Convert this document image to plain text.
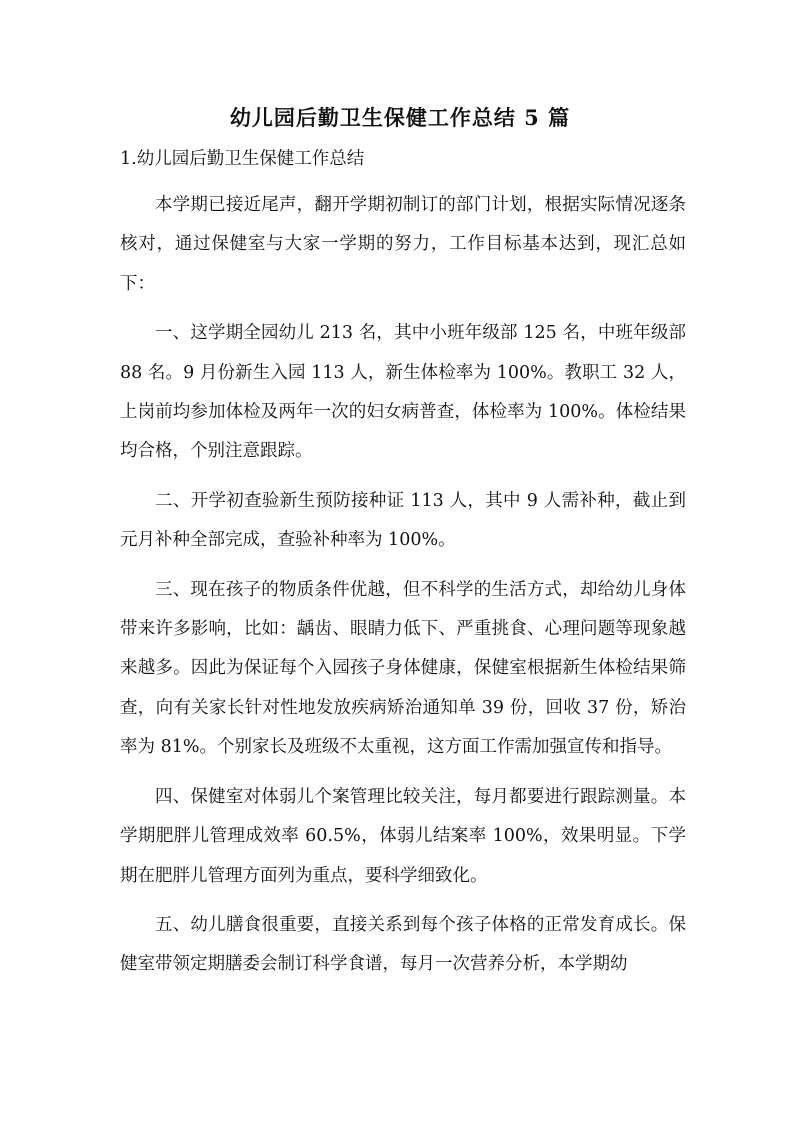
幼儿园后勤卫生保健工作总结 5 篇
1.幼儿园后勤卫生保健工作总结

本学期已接近尾声，翻开学期初制订的部门计划，根据实际情况逐条核对，通过保健室与大家一学期的努力，工作目标基本达到，现汇总如下：

一、这学期全园幼儿 213 名，其中小班年级部 125 名，中班年级部 88 名。9 月份新生入园 113 人，新生体检率为 100%。教职工 32 人，上岗前均参加体检及两年一次的妇女病普查，体检率为 100%。体检结果均合格，个别注意跟踪。

二、开学初查验新生预防接种证 113 人，其中 9 人需补种，截止到元月补种全部完成，查验补种率为 100%。

三、现在孩子的物质条件优越，但不科学的生活方式，却给幼儿身体带来许多影响，比如：龋齿、眼睛力低下、严重挑食、心理问题等现象越来越多。因此为保证每个入园孩子身体健康，保健室根据新生体检结果筛查，向有关家长针对性地发放疾病矫治通知单 39 份，回收 37 份，矫治率为 81%。个别家长及班级不太重视，这方面工作需加强宣传和指导。

四、保健室对体弱儿个案管理比较关注，每月都要进行跟踪测量。本学期肥胖儿管理成效率 60.5%，体弱儿结案率 100%，效果明显。下学期在肥胖儿管理方面列为重点，要科学细致化。

五、幼儿膳食很重要，直接关系到每个孩子体格的正常发育成长。保健室带领定期膳委会制订科学食谱，每月一次营养分析，本学期幼
